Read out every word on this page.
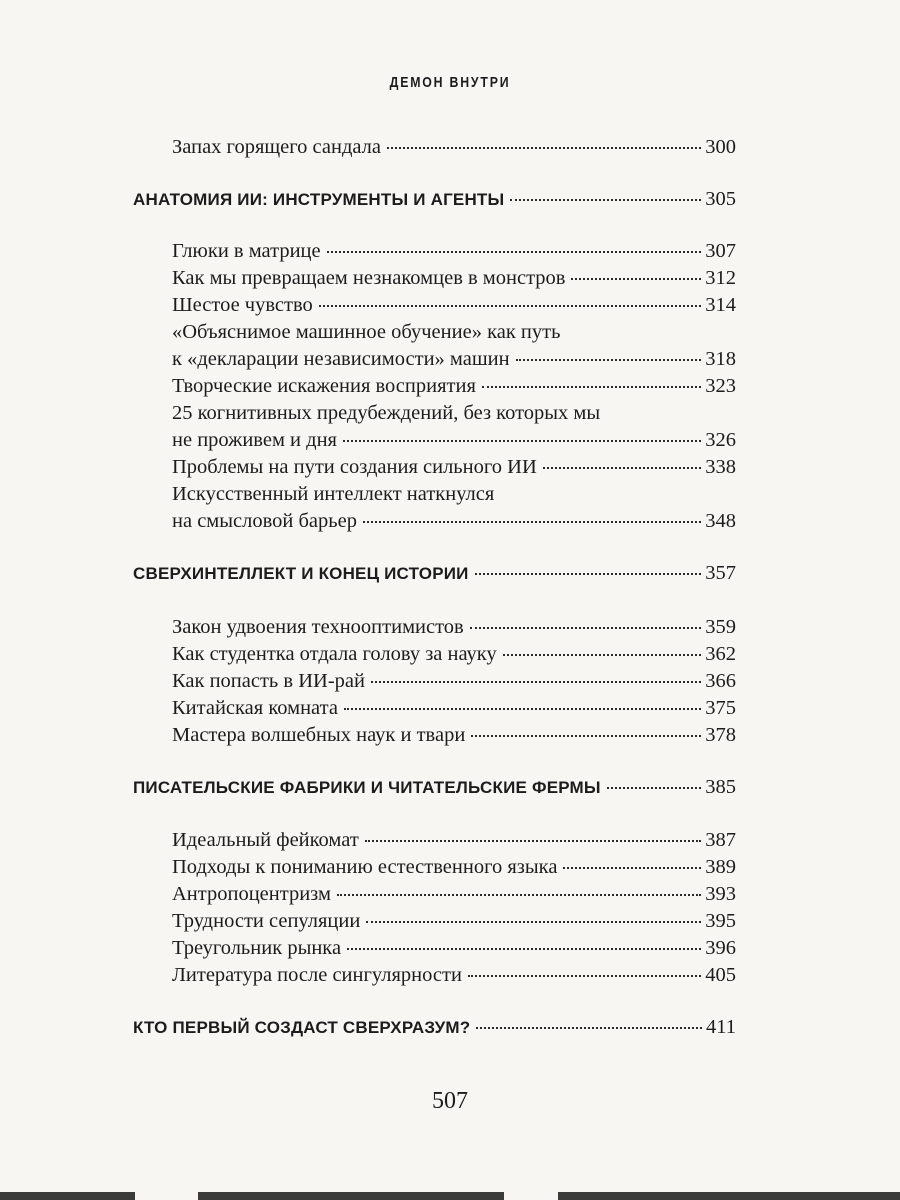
ДЕМОН ВНУТРИ
Запах горящего сандала	300
АНАТОМИЯ ИИ: ИНСТРУМЕНТЫ И АГЕНТЫ	305
Глюки в матрице	307
Как мы превращаем незнакомцев в монстров	312
Шестое чувство	314
«Объяснимое машинное обучение» как путь
к «декларации независимости» машин	318
Творческие искажения восприятия	323
25 когнитивных предубеждений, без которых мы
не проживем и дня	326
Проблемы на пути создания сильного ИИ	338
Искусственный интеллект наткнулся
на смысловой барьер	348
СВЕРХИНТЕЛЛЕКТ И КОНЕЦ ИСТОРИИ	357
Закон удвоения технооптимистов	359
Как студентка отдала голову за науку	362
Как попасть в ИИ-рай	366
Китайская комната	375
Мастера волшебных наук и твари	378
ПИСАТЕЛЬСКИЕ ФАБРИКИ И ЧИТАТЕЛЬСКИЕ ФЕРМЫ	385
Идеальный фейкомат	387
Подходы к пониманию естественного языка	389
Антропоцентризм	393
Трудности сепуляции	395
Треугольник рынка	396
Литература после сингулярности	405
КТО ПЕРВЫЙ СОЗДАСТ СВЕРХРАЗУМ?	411
507
